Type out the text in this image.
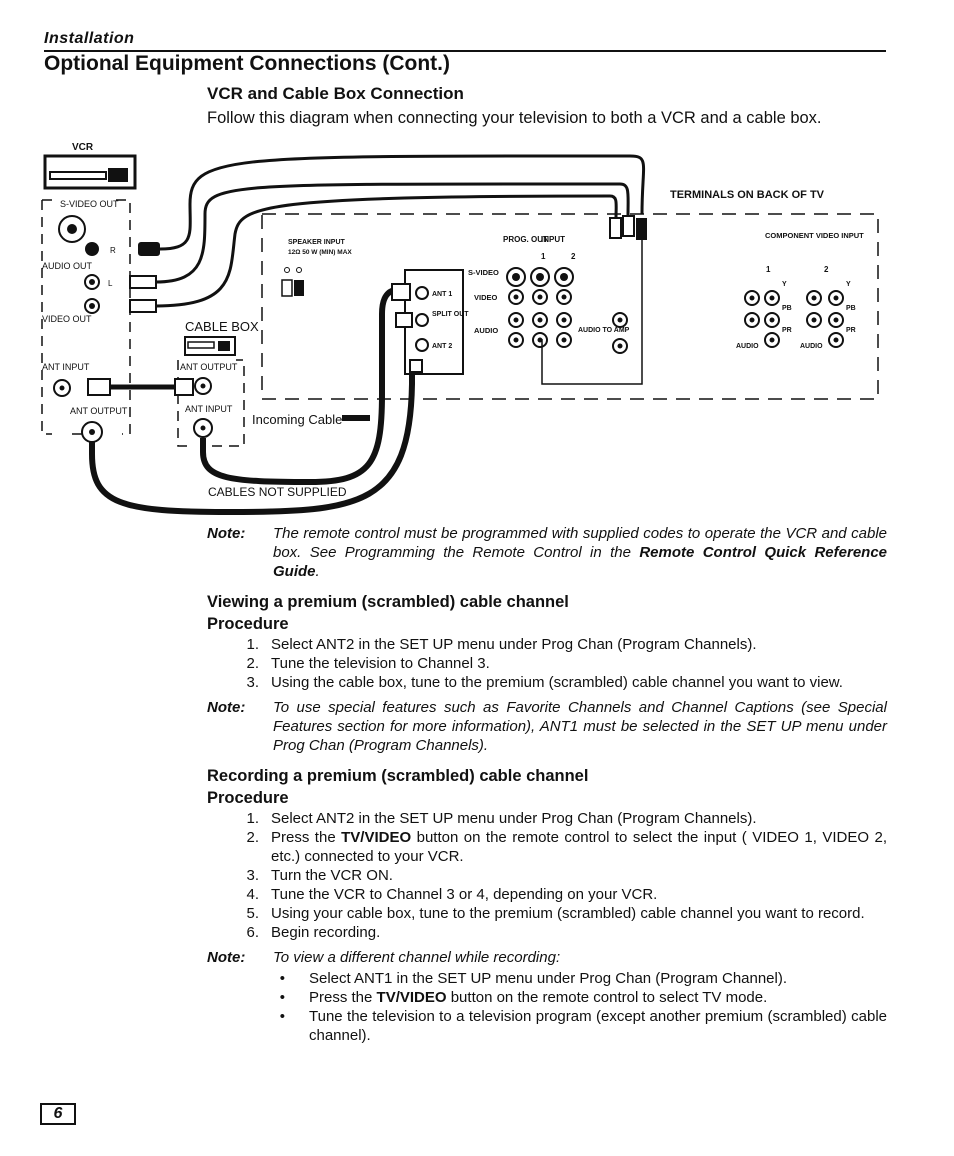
Installation
Optional Equipment Connections (Cont.)
VCR and Cable Box Connection
Follow this diagram when connecting your television to both a VCR and a cable box.
VCR
S-VIDEO OUT
R
AUDIO OUT
L
VIDEO OUT
ANT INPUT
ANT OUTPUT
CABLE BOX
ANT OUTPUT
ANT INPUT
Incoming Cable
CABLES NOT SUPPLIED
TERMINALS ON BACK OF TV
SPEAKER INPUT
12Ω 50 W (MIN) MAX
ANT 1
SPLIT OUT
ANT 2
PROG. OUT
INPUT
1	2
S-VIDEO
VIDEO
AUDIO	AUDIO TO AMP
COMPONENT VIDEO INPUT
1	2
Y
PB
PR
AUDIO
Y
PB
PR
AUDIO
Note:	The remote control must be programmed with supplied codes to operate the VCR and cable box. See Programming the Remote Control in the Remote Control Quick Reference Guide.
Viewing a premium (scrambled) cable channel
Procedure
1. Select ANT2 in the SET UP menu under Prog Chan (Program Channels).
2. Tune the television to Channel 3.
3. Using the cable box, tune to the premium (scrambled) cable channel you want to view.
Note:	To use special features such as Favorite Channels and Channel Captions (see Special Features section for more information), ANT1 must be selected in the SET UP menu under Prog Chan (Program Channels).
Recording a premium (scrambled) cable channel
Procedure
1. Select ANT2 in the SET UP menu under Prog Chan (Program Channels).
2. Press the TV/VIDEO button on the remote control to select the input ( VIDEO 1, VIDEO 2, etc.) connected to your VCR.
3. Turn the VCR ON.
4. Tune the VCR to Channel 3 or 4, depending on your VCR.
5. Using your cable box, tune to the premium (scrambled) cable channel you want to record.
6. Begin recording.
Note:	To view a different channel while recording:
•	Select ANT1 in the SET UP menu under Prog Chan (Program Channel).
•	Press the TV/VIDEO button on the remote control to select TV mode.
•	Tune the television to a television program (except another premium (scrambled) cable channel).
6
